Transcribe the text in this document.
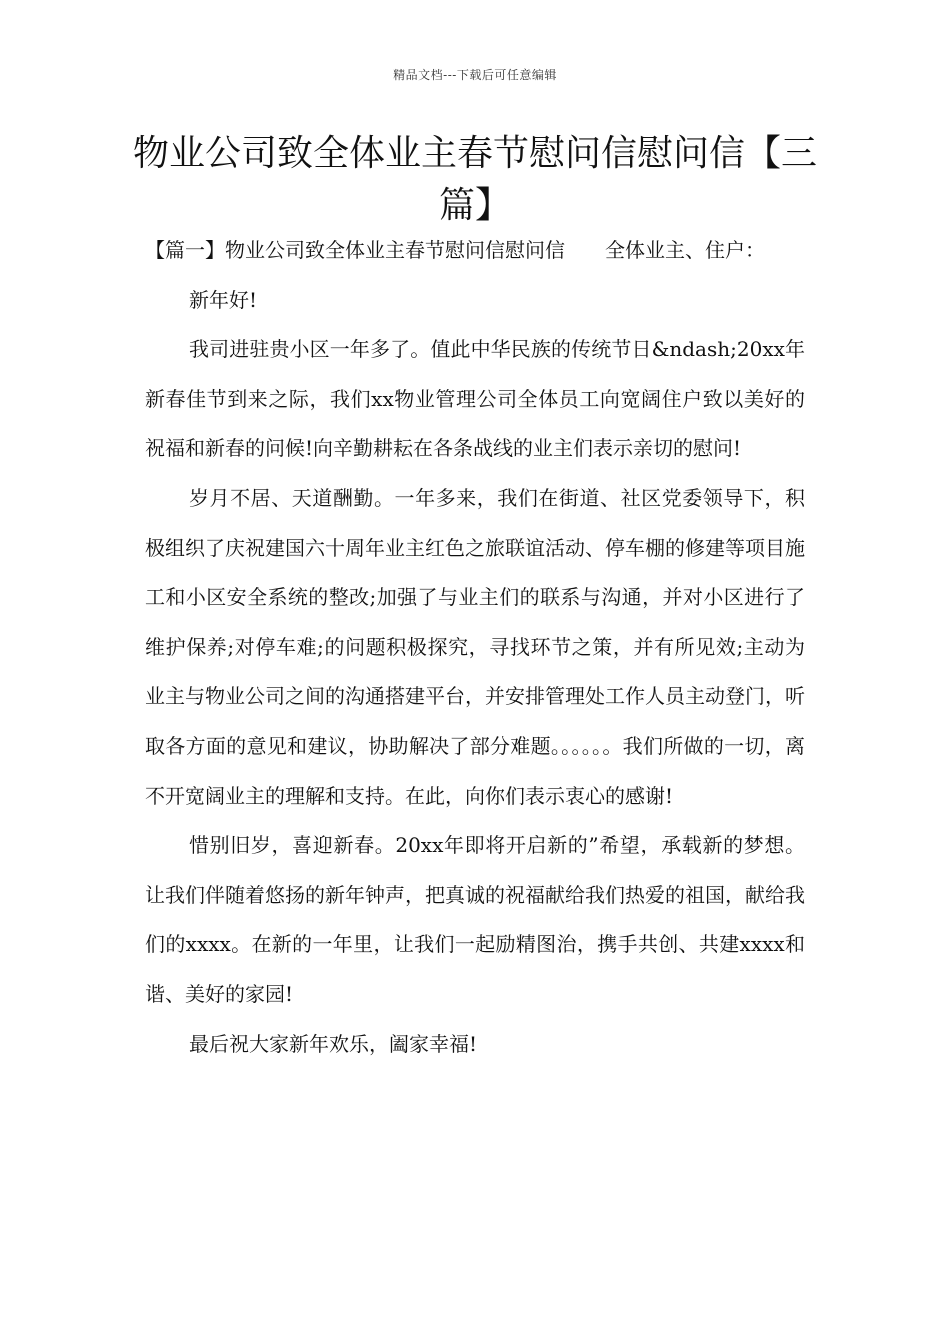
精品文档---下载后可任意编辑
物业公司致全体业主春节慰问信慰问信【三篇】

【篇一】物业公司致全体业主春节慰问信慰问信　　全体业主、住户：

新年好!

我司进驻贵小区一年多了。值此中华民族的传统节日&ndash;20xx年新春佳节到来之际，我们xx物业管理公司全体员工向宽阔住户致以美好的祝福和新春的问候!向辛勤耕耘在各条战线的业主们表示亲切的慰问!

岁月不居、天道酬勤。一年多来，我们在街道、社区党委领导下，积极组织了庆祝建国六十周年业主红色之旅联谊活动、停车棚的修建等项目施工和小区安全系统的整改;加强了与业主们的联系与沟通，并对小区进行了维护保养;对停车难;的问题积极探究，寻找环节之策，并有所见效;主动为业主与物业公司之间的沟通搭建平台，并安排管理处工作人员主动登门，听取各方面的意见和建议，协助解决了部分难题。。。。。。我们所做的一切，离不开宽阔业主的理解和支持。在此，向你们表示衷心的感谢!

惜别旧岁，喜迎新春。20xx年即将开启新的”希望，承载新的梦想。让我们伴随着悠扬的新年钟声，把真诚的祝福献给我们热爱的祖国，献给我们的xxxx。在新的一年里，让我们一起励精图治，携手共创、共建xxxx和谐、美好的家园!

最后祝大家新年欢乐，阖家幸福!
